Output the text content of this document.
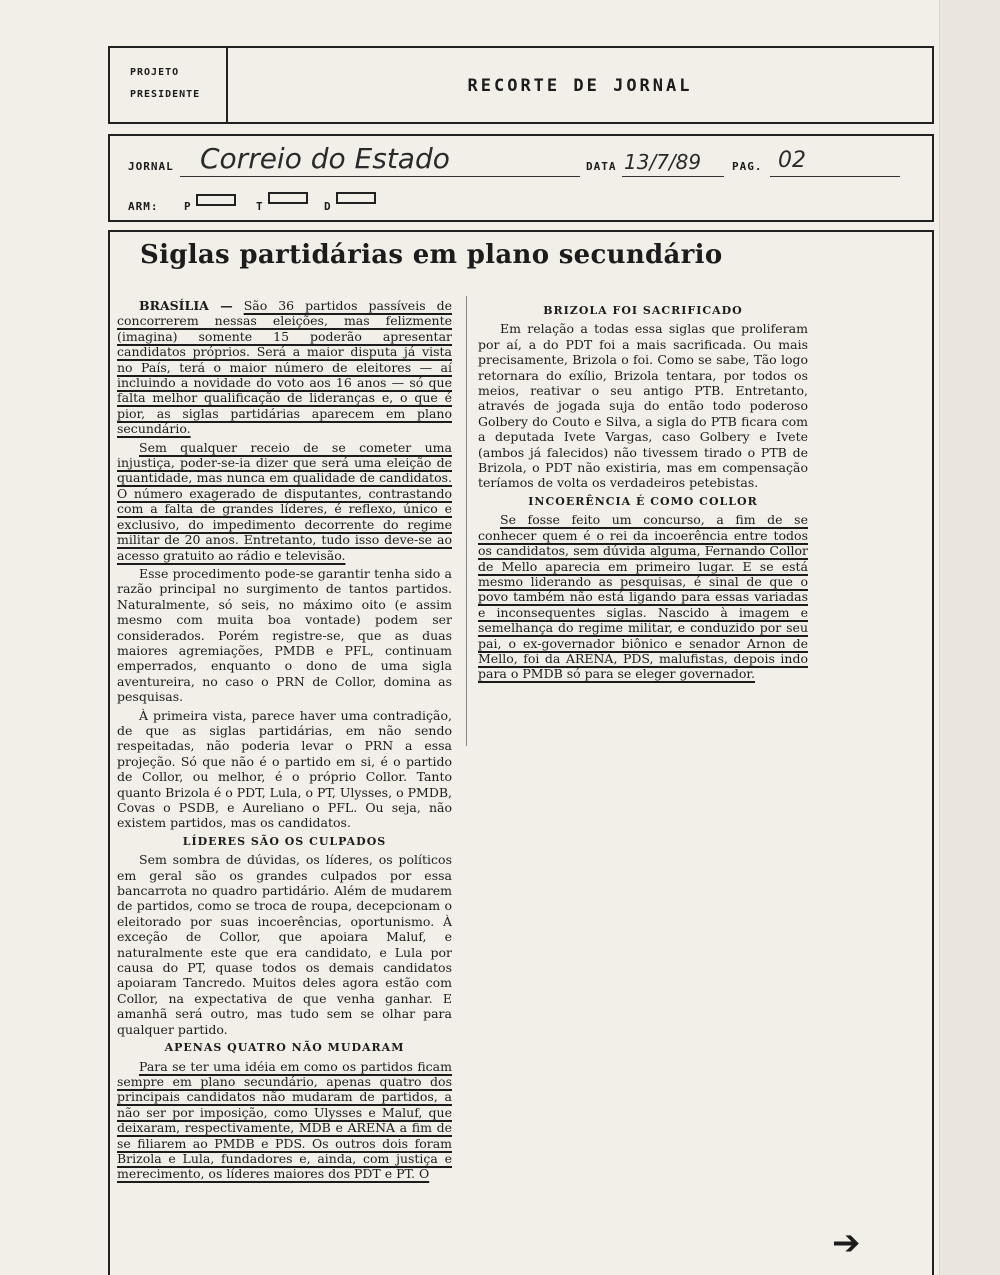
PROJETO
PRESIDENTE	RECORTE DE JORNAL
JORNAL Correio do Estado	DATA 13/7/89	PAG. 02
ARM: P	T	D
Siglas partidárias em plano secundário

BRASÍLIA — São 36 partidos passíveis de concorrerem nessas eleições, mas felizmente (imagina) somente 15 poderão apresentar candidatos próprios. Será a maior disputa já vista no País, terá o maior número de eleitores — aí incluindo a novidade do voto aos 16 anos — só que falta melhor qualificação de lideranças e, o que é pior, as siglas partidárias aparecem em plano secundário.

Sem qualquer receio de se cometer uma injustiça, poder-se-ia dizer que será uma eleição de quantidade, mas nunca em qualidade de candidatos. O número exagerado de disputantes, contrastando com a falta de grandes líderes, é reflexo, único e exclusivo, do impedimento decorrente do regime militar de 20 anos. Entretanto, tudo isso deve-se ao acesso gratuito ao rádio e televisão.

Esse procedimento pode-se garantir tenha sido a razão principal no surgimento de tantos partidos. Naturalmente, só seis, no máximo oito (e assim mesmo com muita boa vontade) podem ser considerados. Porém registre-se, que as duas maiores agremiações, PMDB e PFL, continuam emperrados, enquanto o dono de uma sigla aventureira, no caso o PRN de Collor, domina as pesquisas.

À primeira vista, parece haver uma contradição, de que as siglas partidárias, em não sendo respeitadas, não poderia levar o PRN a essa projeção. Só que não é o partido em si, é o partido de Collor, ou melhor, é o próprio Collor. Tanto quanto Brizola é o PDT, Lula, o PT, Ulysses, o PMDB, Covas o PSDB, e Aureliano o PFL. Ou seja, não existem partidos, mas os candidatos.

LÍDERES SÃO OS CULPADOS

Sem sombra de dúvidas, os líderes, os políticos em geral são os grandes culpados por essa bancarrota no quadro partidário. Além de mudarem de partidos, como se troca de roupa, decepcionam o eleitorado por suas incoerências, oportunismo. À exceção de Collor, que apoiara Maluf, e naturalmente este que era candidato, e Lula por causa do PT, quase todos os demais candidatos apoiaram Tancredo. Muitos deles agora estão com Collor, na expectativa de que venha ganhar. E amanhã será outro, mas tudo sem se olhar para qualquer partido.

APENAS QUATRO NÃO MUDARAM

Para se ter uma idéia em como os partidos ficam sempre em plano secundário, apenas quatro dos principais candidatos não mudaram de partidos, a não ser por imposição, como Ulysses e Maluf, que deixaram, respectivamente, MDB e ARENA a fim de se filiarem ao PMDB e PDS. Os outros dois foram Brizola e Lula, fundadores e, ainda, com justiça e merecimento, os líderes maiores dos PDT e PT. O

BRIZOLA FOI SACRIFICADO

Em relação a todas essa siglas que proliferam por aí, a do PDT foi a mais sacrificada. Ou mais precisamente, Brizola o foi. Como se sabe, Tão logo retornara do exílio, Brizola tentara, por todos os meios, reativar o seu antigo PTB. Entretanto, através de jogada suja do então todo poderoso Golbery do Couto e Silva, a sigla do PTB ficara com a deputada Ivete Vargas, caso Golbery e Ivete (ambos já falecidos) não tivessem tirado o PTB de Brizola, o PDT não existiria, mas em compensação teríamos de volta os verdadeiros petebistas.

INCOERÊNCIA É COMO COLLOR

Se fosse feito um concurso, a fim de se conhecer quem é o rei da incoerência entre todos os candidatos, sem dúvida alguma, Fernando Collor de Mello aparecia em primeiro lugar. E se está mesmo liderando as pesquisas, é sinal de que o povo também não está ligando para essas variadas e inconsequentes siglas. Nascido à imagem e semelhança do regime militar, e conduzido por seu pai, o ex-governador biônico e senador Arnon de Mello, foi da ARENA, PDS, malufistas, depois indo para o PMDB só para se eleger governador.

➔
